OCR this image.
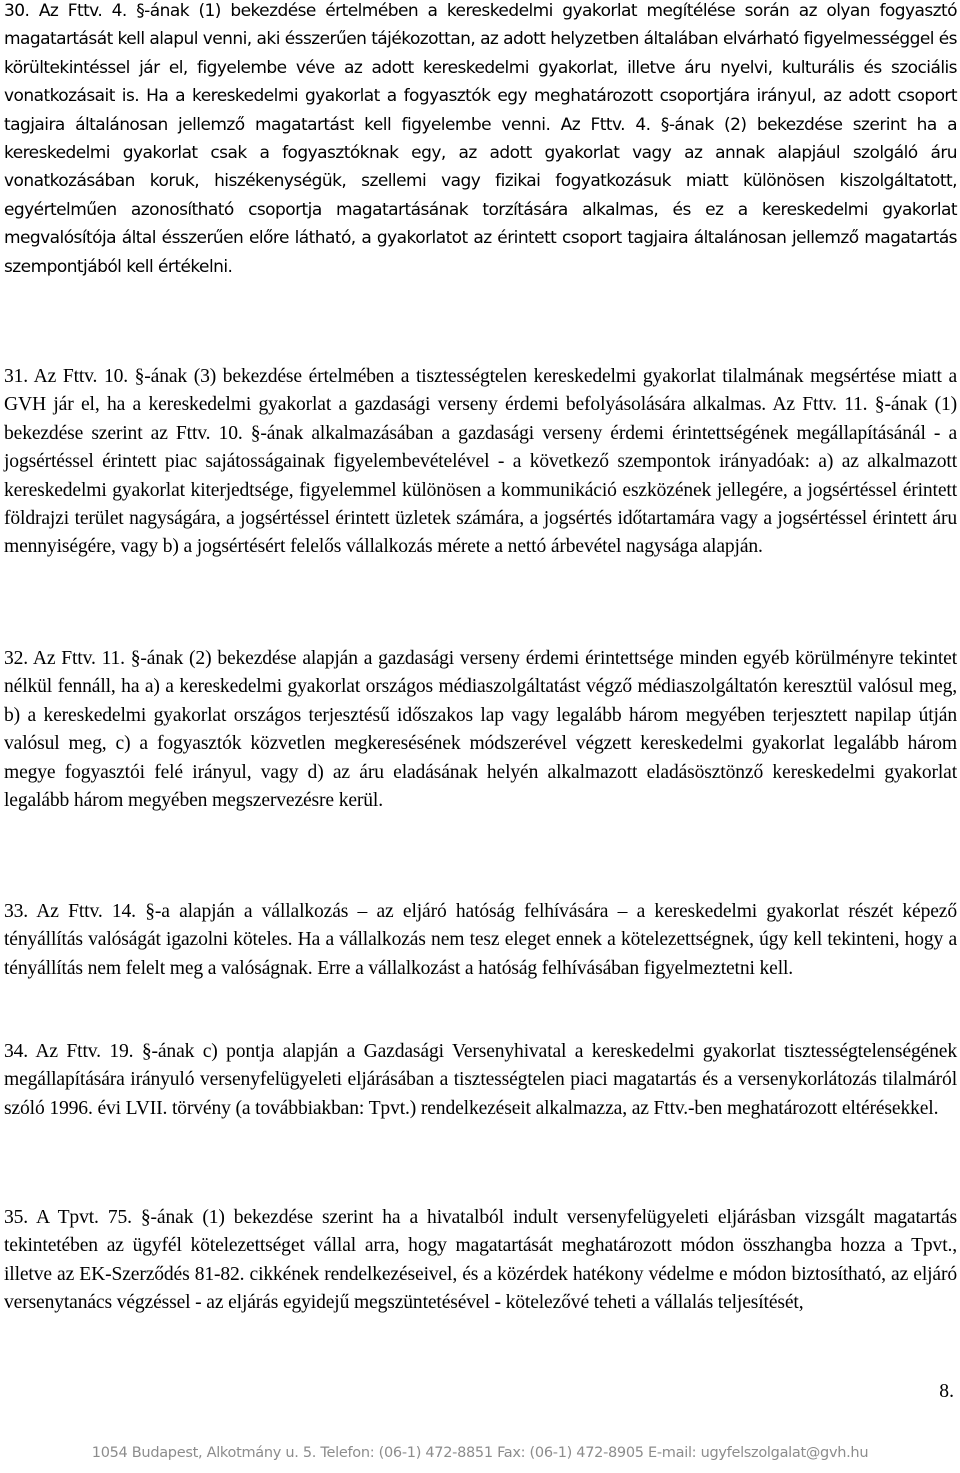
30. Az Fttv. 4. §-ának (1) bekezdése értelmében a kereskedelmi gyakorlat megítélése során az olyan fogyasztó magatartását kell alapul venni, aki ésszerűen tájékozottan, az adott helyzetben általában elvárható figyelmességgel és körültekintéssel jár el, figyelembe véve az adott kereskedelmi gyakorlat, illetve áru nyelvi, kulturális és szociális vonatkozásait is. Ha a kereskedelmi gyakorlat a fogyasztók egy meghatározott csoportjára irányul, az adott csoport tagjaira általánosan jellemző magatartást kell figyelembe venni. Az Fttv. 4. §-ának (2) bekezdése szerint ha a kereskedelmi gyakorlat csak a fogyasztóknak egy, az adott gyakorlat vagy az annak alapjául szolgáló áru vonatkozásában koruk, hiszékenységük, szellemi vagy fizikai fogyatkozásuk miatt különösen kiszolgáltatott, egyértelműen azonosítható csoportja magatartásának torzítására alkalmas, és ez a kereskedelmi gyakorlat megvalósítója által ésszerűen előre látható, a gyakorlatot az érintett csoport tagjaira általánosan jellemző magatartás szempontjából kell értékelni.

31. Az Fttv. 10. §-ának (3) bekezdése értelmében a tisztességtelen kereskedelmi gyakorlat tilalmának megsértése miatt a GVH jár el, ha a kereskedelmi gyakorlat a gazdasági verseny érdemi befolyásolására alkalmas. Az Fttv. 11. §-ának (1) bekezdése szerint az Fttv. 10. §-ának alkalmazásában a gazdasági verseny érdemi érintettségének megállapításánál - a jogsértéssel érintett piac sajátosságainak figyelembevételével - a következő szempontok irányadóak: a) az alkalmazott kereskedelmi gyakorlat kiterjedtsége, figyelemmel különösen a kommunikáció eszközének jellegére, a jogsértéssel érintett földrajzi terület nagyságára, a jogsértéssel érintett üzletek számára, a jogsértés időtartamára vagy a jogsértéssel érintett áru mennyiségére, vagy b) a jogsértésért felelős vállalkozás mérete a nettó árbevétel nagysága alapján.

32. Az Fttv. 11. §-ának (2) bekezdése alapján a gazdasági verseny érdemi érintettsége minden egyéb körülményre tekintet nélkül fennáll, ha a) a kereskedelmi gyakorlat országos médiaszolgáltatást végző médiaszolgáltatón keresztül valósul meg, b) a kereskedelmi gyakorlat országos terjesztésű időszakos lap vagy legalább három megyében terjesztett napilap útján valósul meg, c) a fogyasztók közvetlen megkeresésének módszerével végzett kereskedelmi gyakorlat legalább három megye fogyasztói felé irányul, vagy d) az áru eladásának helyén alkalmazott eladásösztönző kereskedelmi gyakorlat legalább három megyében megszervezésre kerül.

33. Az Fttv. 14. §-a alapján a vállalkozás – az eljáró hatóság felhívására – a kereskedelmi gyakorlat részét képező tényállítás valóságát igazolni köteles. Ha a vállalkozás nem tesz eleget ennek a kötelezettségnek, úgy kell tekinteni, hogy a tényállítás nem felelt meg a valóságnak. Erre a vállalkozást a hatóság felhívásában figyelmeztetni kell.

34. Az Fttv. 19. §-ának c) pontja alapján a Gazdasági Versenyhivatal a kereskedelmi gyakorlat tisztességtelenségének megállapítására irányuló versenyfelügyeleti eljárásában a tisztességtelen piaci magatartás és a versenykorlátozás tilalmáról szóló 1996. évi LVII. törvény (a továbbiakban: Tpvt.) rendelkezéseit alkalmazza, az Fttv.-ben meghatározott eltérésekkel.

35. A Tpvt. 75. §-ának (1) bekezdése szerint ha a hivatalból indult versenyfelügyeleti eljárásban vizsgált magatartás tekintetében az ügyfél kötelezettséget vállal arra, hogy magatartását meghatározott módon összhangba hozza a Tpvt., illetve az EK-Szerződés 81-82. cikkének rendelkezéseivel, és a közérdek hatékony védelme e módon biztosítható, az eljáró versenytanács végzéssel - az eljárás egyidejű megszüntetésével - kötelezővé teheti a vállalás teljesítését,

8.

1054 Budapest, Alkotmány u. 5. Telefon: (06-1) 472-8851 Fax: (06-1) 472-8905 E-mail: ugyfelszolgalat@gvh.hu
